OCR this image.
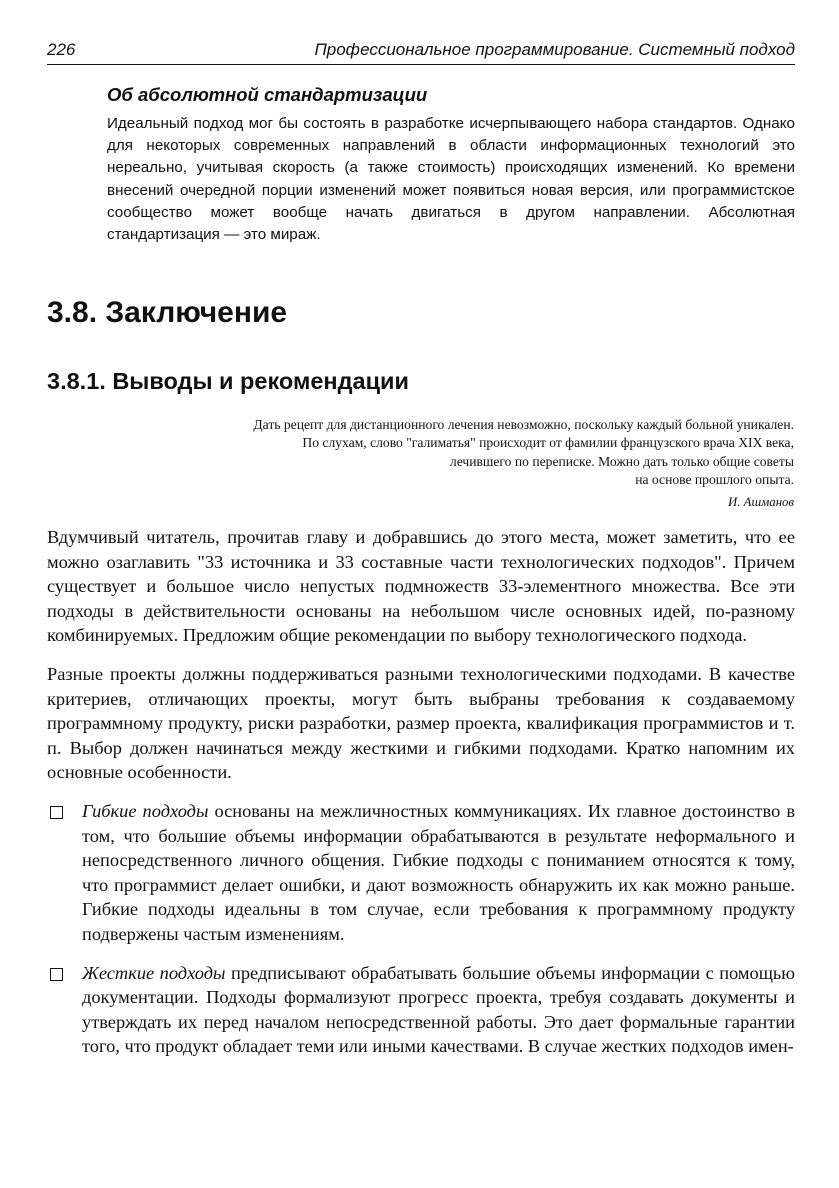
226	Профессиональное программирование. Системный подход
Об абсолютной стандартизации
Идеальный подход мог бы состоять в разработке исчерпывающего набора стандартов. Однако для некоторых современных направлений в области информационных технологий это нереально, учитывая скорость (а также стоимость) происходящих изменений. Ко времени внесений очередной порции изменений может появиться новая версия, или программистское сообщество может вообще начать двигаться в другом направлении. Абсолютная стандартизация — это мираж.
3.8. Заключение
3.8.1. Выводы и рекомендации
Дать рецепт для дистанционного лечения невозможно, поскольку каждый больной уникален.
По слухам, слово "галиматья" происходит от фамилии французского врача XIX века,
лечившего по переписке. Можно дать только общие советы
на основе прошлого опыта.
И. Ашманов

Вдумчивый читатель, прочитав главу и добравшись до этого места, может заметить, что ее можно озаглавить "33 источника и 33 составные части технологических подходов". Причем существует и большое число непустых подмножеств 33-элементного множества. Все эти подходы в действительности основаны на небольшом числе основных идей, по-разному комбинируемых. Предложим общие рекомендации по выбору технологического подхода.

Разные проекты должны поддерживаться разными технологическими подходами. В качестве критериев, отличающих проекты, могут быть выбраны требования к создаваемому программному продукту, риски разработки, размер проекта, квалификация программистов и т. п. Выбор должен начинаться между жесткими и гибкими подходами. Кратко напомним их основные особенности.

Гибкие подходы основаны на межличностных коммуникациях. Их главное достоинство в том, что большие объемы информации обрабатываются в результате неформального и непосредственного личного общения. Гибкие подходы с пониманием относятся к тому, что программист делает ошибки, и дают возможность обнаружить их как можно раньше. Гибкие подходы идеальны в том случае, если требования к программному продукту подвержены частым изменениям.
Жесткие подходы предписывают обрабатывать большие объемы информации с помощью документации. Подходы формализуют прогресс проекта, требуя создавать документы и утверждать их перед началом непосредственной работы. Это дает формальные гарантии того, что продукт обладает теми или иными качествами. В случае жестких подходов имен-
